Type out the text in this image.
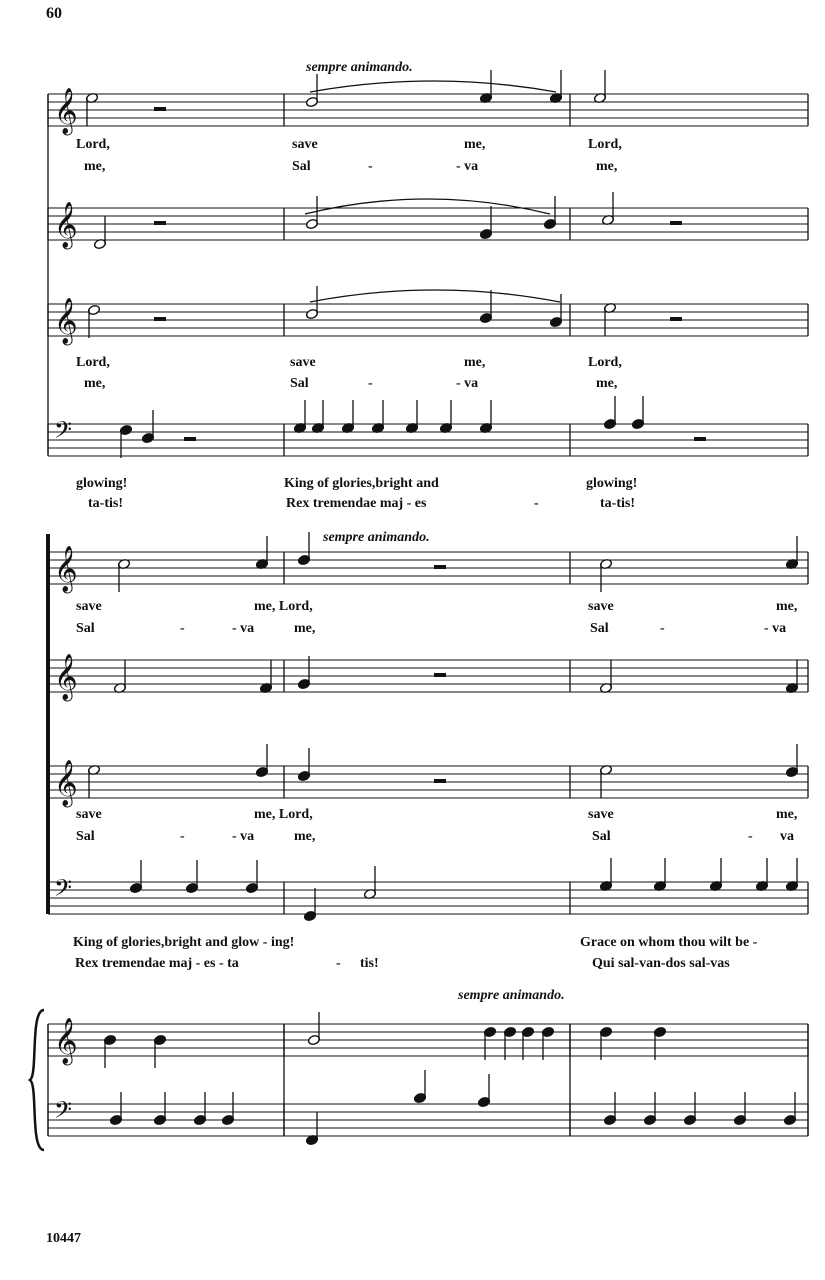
60
sempre animando.
sempre animando.
sempre animando.
Lord,	save	me,	Lord,
me,	Sal	-	- va	me,
Lord,	save	me,	Lord,
me,	Sal	-	- va	me,
glowing!	King of glories,bright and	glowing!
ta-tis!	Rex tremendae maj - es	-	ta-tis!
save	me, Lord,	save	me,
Sal	-	- va	me,	Sal	-	- va
save	me, Lord,	save	me,
Sal	-	- va	me,	Sal	- va
King of glories,bright and glow - ing!	Grace on whom thou wilt be -
Rex tremendae maj - es - ta	- tis!	Qui sal-van-dos sal-vas
10447
𝄞
𝄞
𝄞
𝄢
𝄞
𝄞
𝄞
𝄢
𝄞
𝄢
